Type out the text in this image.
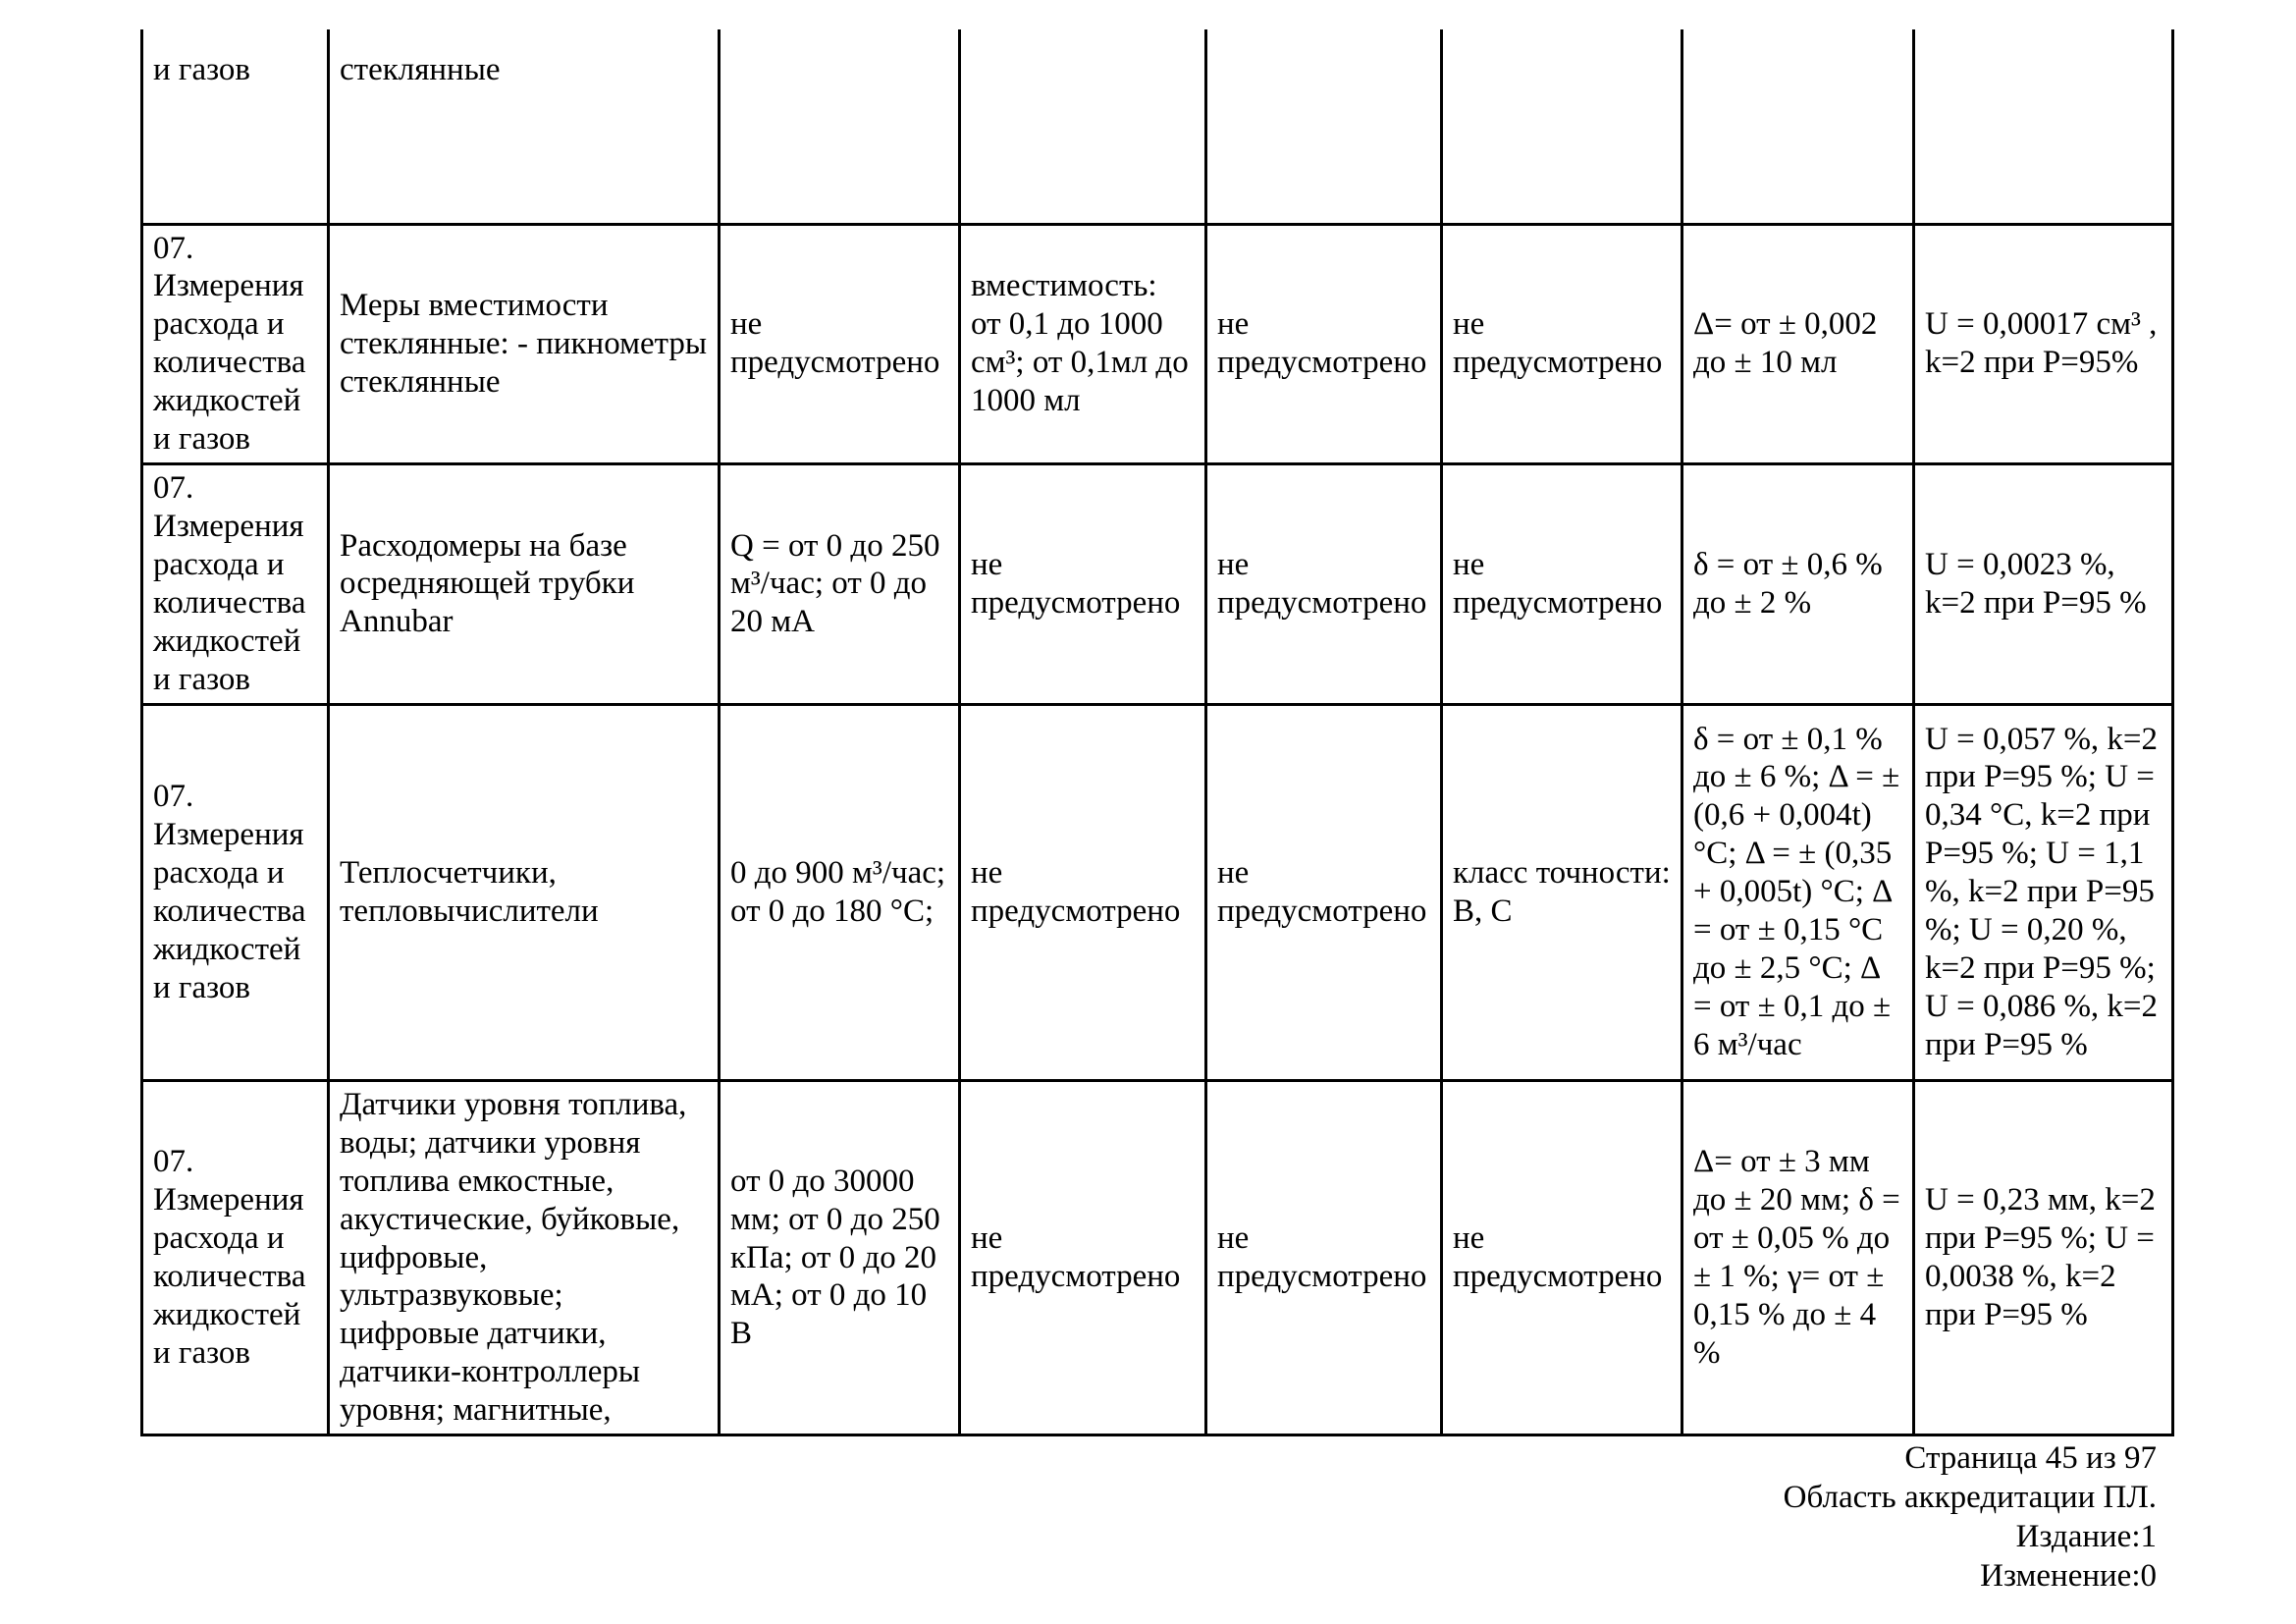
и газов	стеклянные						
07. Измерения расхода и количества жидкостей и газов	Меры вместимости стеклянные: - пикнометры стеклянные	не предусмотрено	вместимость: от 0,1 до 1000 см³; от 0,1мл до 1000 мл	не предусмотрено	не предусмотрено	Δ= от ± 0,002 до ± 10 мл	U = 0,00017 см³ , k=2 при Р=95%
07. Измерения расхода и количества жидкостей и газов	Расходомеры на базе осредняющей трубки Annubar	Q = от 0 до 250 м³/час; от 0 до 20 мА	не предусмотрено	не предусмотрено	не предусмотрено	δ = от ± 0,6 % до ± 2 %	U = 0,0023 %, k=2 при Р=95 %
07. Измерения расхода и количества жидкостей и газов	Теплосчетчики, тепловычислители	0 до 900 м³/час; от 0 до 180 °С;	не предусмотрено	не предусмотрено	класс точности: В, С	δ = от ± 0,1 % до ± 6 %; Δ = ± (0,6 + 0,004t) °С; Δ = ± (0,35 + 0,005t) °С; Δ = от ± 0,15 °С до ± 2,5 °С; Δ = от ± 0,1 до ± 6 м³/час	U = 0,057 %, k=2 при Р=95 %; U = 0,34 °С, k=2 при Р=95 %; U = 1,1 %, k=2 при Р=95 %; U = 0,20 %, k=2 при Р=95 %; U = 0,086 %, k=2 при Р=95 %
07. Измерения расхода и количества жидкостей и газов	Датчики уровня топлива, воды; датчики уровня топлива емкостные, акустические, буйковые, цифровые, ультразвуковые; цифровые датчики, датчики-контроллеры уровня; магнитные,	от 0 до 30000 мм; от 0 до 250 кПа; от 0 до 20 мА; от 0 до 10 В	не предусмотрено	не предусмотрено	не предусмотрено	Δ= от ± 3 мм до ± 20 мм; δ = от ± 0,05 % до ± 1 %; γ= от ± 0,15 % до ± 4 %	U = 0,23 мм, k=2 при Р=95 %; U = 0,0038 %, k=2 при Р=95 %
Страница 45 из 97
Область аккредитации ПЛ.
Издание:1
Изменение:0
